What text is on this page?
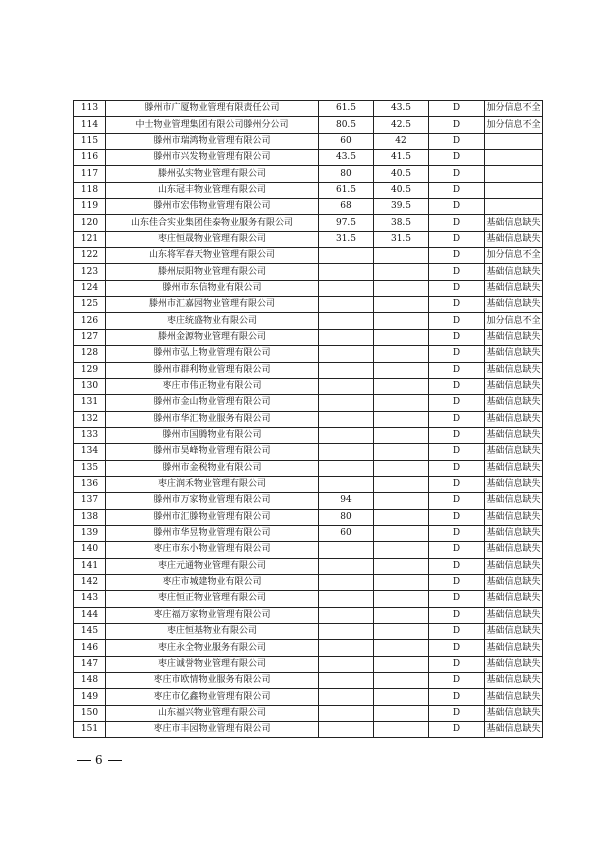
113	滕州市广厦物业管理有限责任公司	61.5	43.5	D	加分信息不全
114	中士物业管理集团有限公司滕州分公司	80.5	42.5	D	加分信息不全
115	滕州市瑞鸿物业管理有限公司	60	42	D	
116	滕州市兴发物业管理有限公司	43.5	41.5	D	
117	滕州弘实物业管理有限公司	80	40.5	D	
118	山东冠丰物业管理有限公司	61.5	40.5	D	
119	滕州市宏伟物业管理有限公司	68	39.5	D	
120	山东佳合实业集团佳泰物业服务有限公司	97.5	38.5	D	基础信息缺失
121	枣庄恒晟物业管理有限公司	31.5	31.5	D	基础信息缺失
122	山东将军春天物业管理有限公司			D	加分信息不全
123	滕州辰阳物业管理有限公司			D	基础信息缺失
124	滕州市东信物业有限公司			D	基础信息缺失
125	滕州市汇嘉园物业管理有限公司			D	基础信息缺失
126	枣庄统盛物业有限公司			D	加分信息不全
127	滕州金源物业管理有限公司			D	基础信息缺失
128	滕州市弘上物业管理有限公司			D	基础信息缺失
129	滕州市群利物业管理有限公司			D	基础信息缺失
130	枣庄市伟正物业有限公司			D	基础信息缺失
131	滕州市金山物业管理有限公司			D	基础信息缺失
132	滕州市华汇物业服务有限公司			D	基础信息缺失
133	滕州市国腾物业有限公司			D	基础信息缺失
134	滕州市昊峰物业管理有限公司			D	基础信息缺失
135	滕州市金税物业有限公司			D	基础信息缺失
136	枣庄润禾物业管理有限公司			D	基础信息缺失
137	滕州市万家物业管理有限公司	94		D	基础信息缺失
138	滕州市汇滕物业管理有限公司	80		D	基础信息缺失
139	滕州市华昱物业管理有限公司	60		D	基础信息缺失
140	枣庄市东小物业管理有限公司			D	基础信息缺失
141	枣庄元通物业管理有限公司			D	基础信息缺失
142	枣庄市城建物业有限公司			D	基础信息缺失
143	枣庄恒正物业管理有限公司			D	基础信息缺失
144	枣庄福万家物业管理有限公司			D	基础信息缺失
145	枣庄恒基物业有限公司			D	基础信息缺失
146	枣庄永全物业服务有限公司			D	基础信息缺失
147	枣庄诚誉物业管理有限公司			D	基础信息缺失
148	枣庄市欧情物业服务有限公司			D	基础信息缺失
149	枣庄市亿鑫物业管理有限公司			D	基础信息缺失
150	山东福兴物业管理有限公司			D	基础信息缺失
151	枣庄市丰园物业管理有限公司			D	基础信息缺失
6
